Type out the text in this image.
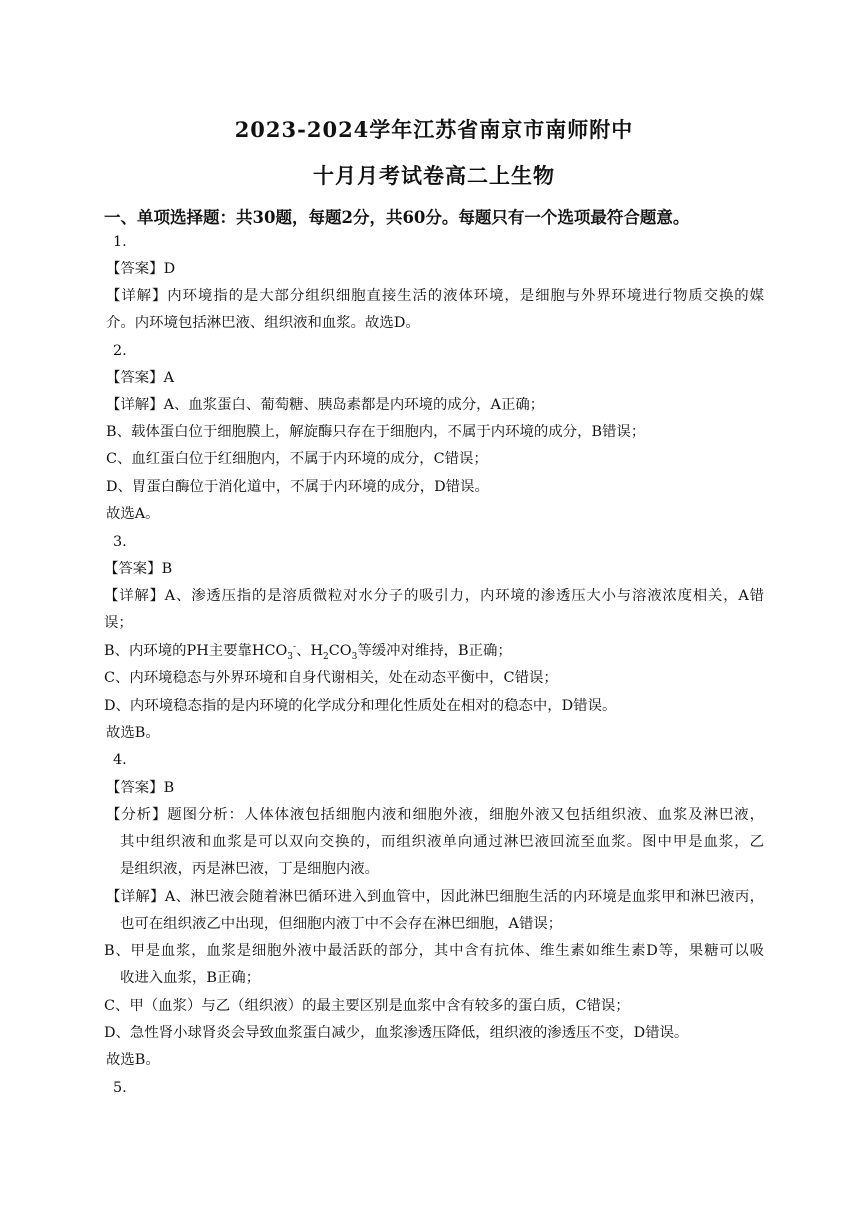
2023-2024学年江苏省南京市南师附中
十月月考试卷高二上生物
一、单项选择题：共30题，每题2分，共60分。每题只有一个选项最符合题意。
1.
【答案】D
【详解】内环境指的是大部分组织细胞直接生活的液体环境，是细胞与外界环境进行物质交换的媒
介。内环境包括淋巴液、组织液和血浆。故选D。
2.
【答案】A
【详解】A、血浆蛋白、葡萄糖、胰岛素都是内环境的成分，A正确；
B、载体蛋白位于细胞膜上，解旋酶只存在于细胞内，不属于内环境的成分，B错误；
C、血红蛋白位于红细胞内，不属于内环境的成分，C错误；
D、胃蛋白酶位于消化道中，不属于内环境的成分，D错误。
故选A。
3.
【答案】B
【详解】A、渗透压指的是溶质微粒对水分子的吸引力，内环境的渗透压大小与溶液浓度相关，A错
误；
B、内环境的PH主要靠$HCO_3^-$、$H_2CO_3$等缓冲对维持，B正确；
C、内环境稳态与外界环境和自身代谢相关，处在动态平衡中，C错误；
D、内环境稳态指的是内环境的化学成分和理化性质处在相对的稳态中，D错误。
故选B。
4.
【答案】B
【分析】题图分析：人体体液包括细胞内液和细胞外液，细胞外液又包括组织液、血浆及淋巴液，
其中组织液和血浆是可以双向交换的，而组织液单向通过淋巴液回流至血浆。图中甲是血浆，乙
是组织液，丙是淋巴液，丁是细胞内液。
【详解】A、淋巴液会随着淋巴循环进入到血管中，因此淋巴细胞生活的内环境是血浆甲和淋巴液丙，
也可在组织液乙中出现，但细胞内液丁中不会存在淋巴细胞，A错误；
B、甲是血浆，血浆是细胞外液中最活跃的部分，其中含有抗体、维生素如维生素D等，果糖可以吸
收进入血浆，B正确；
C、甲（血浆）与乙（组织液）的最主要区别是血浆中含有较多的蛋白质，C错误；
D、急性肾小球肾炎会导致血浆蛋白减少，血浆渗透压降低，组织液的渗透压不变，D错误。
故选B。
5.
